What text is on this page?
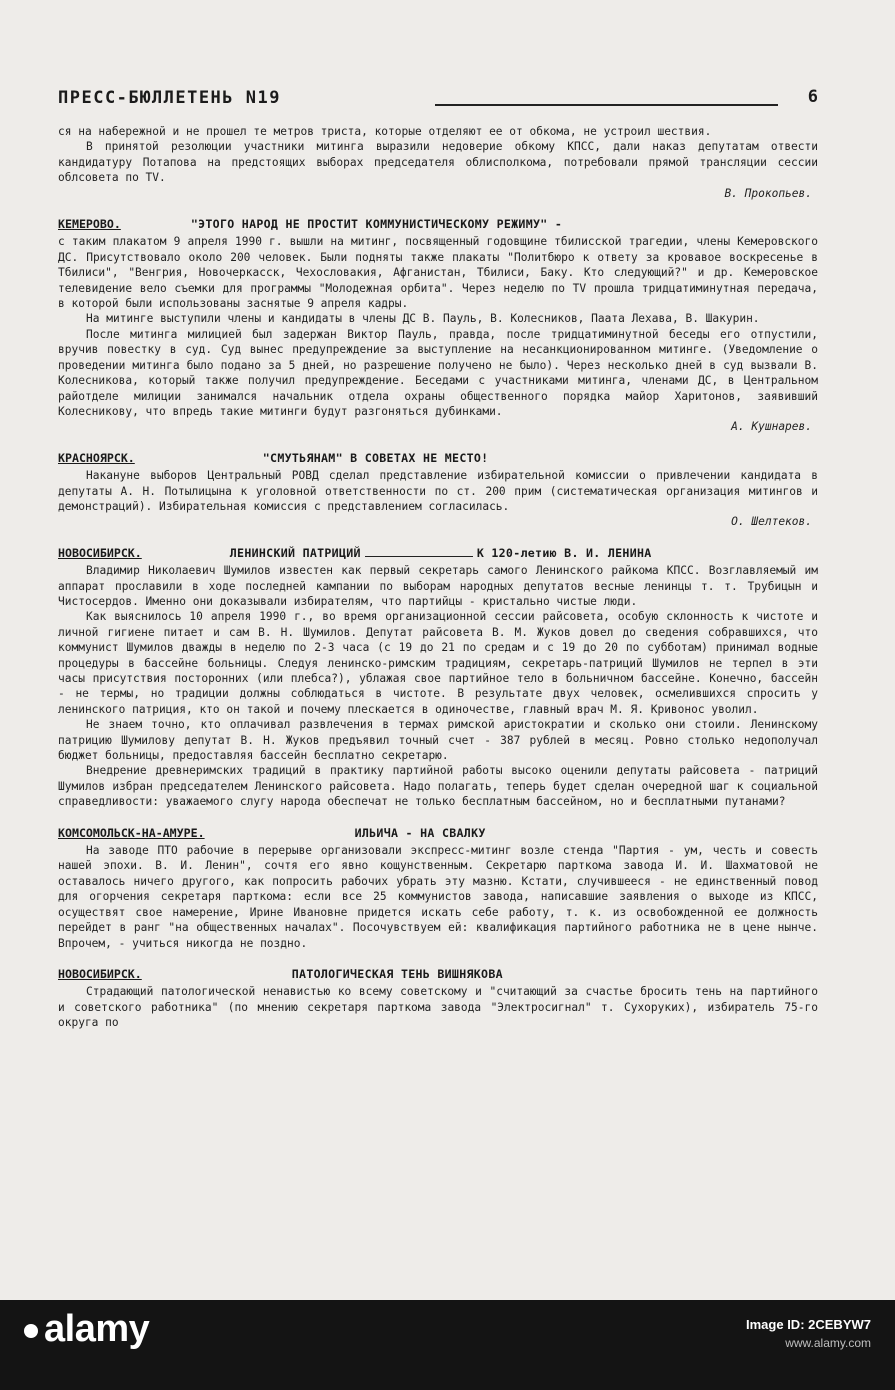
ПРЕСС-БЮЛЛЕТЕНЬ N19	6

ся на набережной и не прошел те метров триста, которые отделяют ее от обкома, не устроил шествия.

В принятой резолюции участники митинга выразили недоверие обкому КПСС, дали наказ депутатам отвести кандидатуру Потапова на предстоящих выборах председателя облисполкома, потребовали прямой трансляции сессии облсовета по TV.

В. Прокопьев.

КЕМЕРОВО.	"ЭТОГО НАРОД НЕ ПРОСТИТ КОММУНИСТИЧЕСКОМУ РЕЖИМУ" -

с таким плакатом 9 апреля 1990 г. вышли на митинг, посвященный годовщине тбилисской трагедии, члены Кемеровского ДС. Присутствовало около 200 человек. Были подняты также плакаты "Политбюро к ответу за кровавое воскресенье в Тбилиси", "Венгрия, Новочеркасск, Чехословакия, Афганистан, Тбилиси, Баку. Кто следующий?" и др. Кемеровское телевидение вело съемки для программы "Молодежная орбита". Через неделю по TV прошла тридцатиминутная передача, в которой были использованы заснятые 9 апреля кадры.

На митинге выступили члены и кандидаты в члены ДС В. Пауль, В. Колесников, Паата Лехава, В. Шакурин.

После митинга милицией был задержан Виктор Пауль, правда, после тридцатиминутной беседы его отпустили, вручив повестку в суд. Суд вынес предупреждение за выступление на несанкционированном митинге. (Уведомление о проведении митинга было подано за 5 дней, но разрешение получено не было). Через несколько дней в суд вызвали В. Колесникова, который также получил предупреждение. Беседами с участниками митинга, членами ДС, в Центральном райотделе милиции занимался начальник отдела охраны общественного порядка майор Харитонов, заявивший Колесникову, что впредь такие митинги будут разгоняться дубинками.

А. Кушнарев.

КРАСНОЯРСК.	"СМУТЬЯНАМ" В СОВЕТАХ НЕ МЕСТО!

Накануне выборов Центральный РОВД сделал представление избирательной комиссии о привлечении кандидата в депутаты А. Н. Потылицына к уголовной ответственности по ст. 200 прим (систематическая организация митингов и демонстраций). Избирательная комиссия с представлением согласилась.

О. Шелтеков.

НОВОСИБИРСК.	ЛЕНИНСКИЙ ПАТРИЦИЙ	К 120-летию В. И. ЛЕНИНА

Владимир Николаевич Шумилов известен как первый секретарь самого Ленинского райкома КПСС. Возглавляемый им аппарат прославили в ходе последней кампании по выборам народных депутатов весные ленинцы т. т. Трубицын и Чистосердов. Именно они доказывали избирателям, что партийцы - кристально чистые люди.

Как выяснилось 10 апреля 1990 г., во время организационной сессии райсовета, особую склонность к чистоте и личной гигиене питает и сам В. Н. Шумилов. Депутат райсовета В. М. Жуков довел до сведения собравшихся, что коммунист Шумилов дважды в неделю по 2-3 часа (с 19 до 21 по средам и с 19 до 20 по субботам) принимал водные процедуры в бассейне больницы. Следуя ленинско-римским традициям, секретарь-патриций Шумилов не терпел в эти часы присутствия посторонних (или плебса?), ублажая свое партийное тело в больничном бассейне. Конечно, бассейн - не термы, но традиции должны соблюдаться в чистоте. В результате двух человек, осмелившихся спросить у ленинского патриция, кто он такой и почему плескается в одиночестве, главный врач М. Я. Кривонос уволил.

Не знаем точно, кто оплачивал развлечения в термах римской аристократии и сколько они стоили. Ленинскому патрицию Шумилову депутат В. Н. Жуков предъявил точный счет - 387 рублей в месяц. Ровно столько недополучал бюджет больницы, предоставляя бассейн бесплатно секретарю.

Внедрение древнеримских традиций в практику партийной работы высоко оценили депутаты райсовета - патриций Шумилов избран председателем Ленинского райсовета. Надо полагать, теперь будет сделан очередной шаг к социальной справедливости: уважаемого слугу народа обеспечат не только бесплатным бассейном, но и бесплатными путанами?

КОМСОМОЛЬСК-НА-АМУРЕ.	ИЛЬИЧА - НА СВАЛКУ

На заводе ПТО рабочие в перерыве организовали экспресс-митинг возле стенда "Партия - ум, честь и совесть нашей эпохи. В. И. Ленин", сочтя его явно кощунственным. Секретарю парткома завода И. И. Шахматовой не оставалось ничего другого, как попросить рабочих убрать эту мазню. Кстати, случившееся - не единственный повод для огорчения секретаря парткома: если все 25 коммунистов завода, написавшие заявления о выходе из КПСС, осуществят свое намерение, Ирине Ивановне придется искать себе работу, т. к. из освобожденной ее должность перейдет в ранг "на общественных началах". Посочувствуем ей: квалификация партийного работника не в цене нынче. Впрочем, - учиться никогда не поздно.

НОВОСИБИРСК.	ПАТОЛОГИЧЕСКАЯ ТЕНЬ ВИШНЯКОВА

Страдающий патологической ненавистью ко всему советскому и "считающий за счастье бросить тень на партийного и советского работника" (по мнению секретаря парткома завода "Электросигнал" т. Сухоруких), избиратель 75-го округа по

alamy	Image ID: 2CEBYW7
www.alamy.com
